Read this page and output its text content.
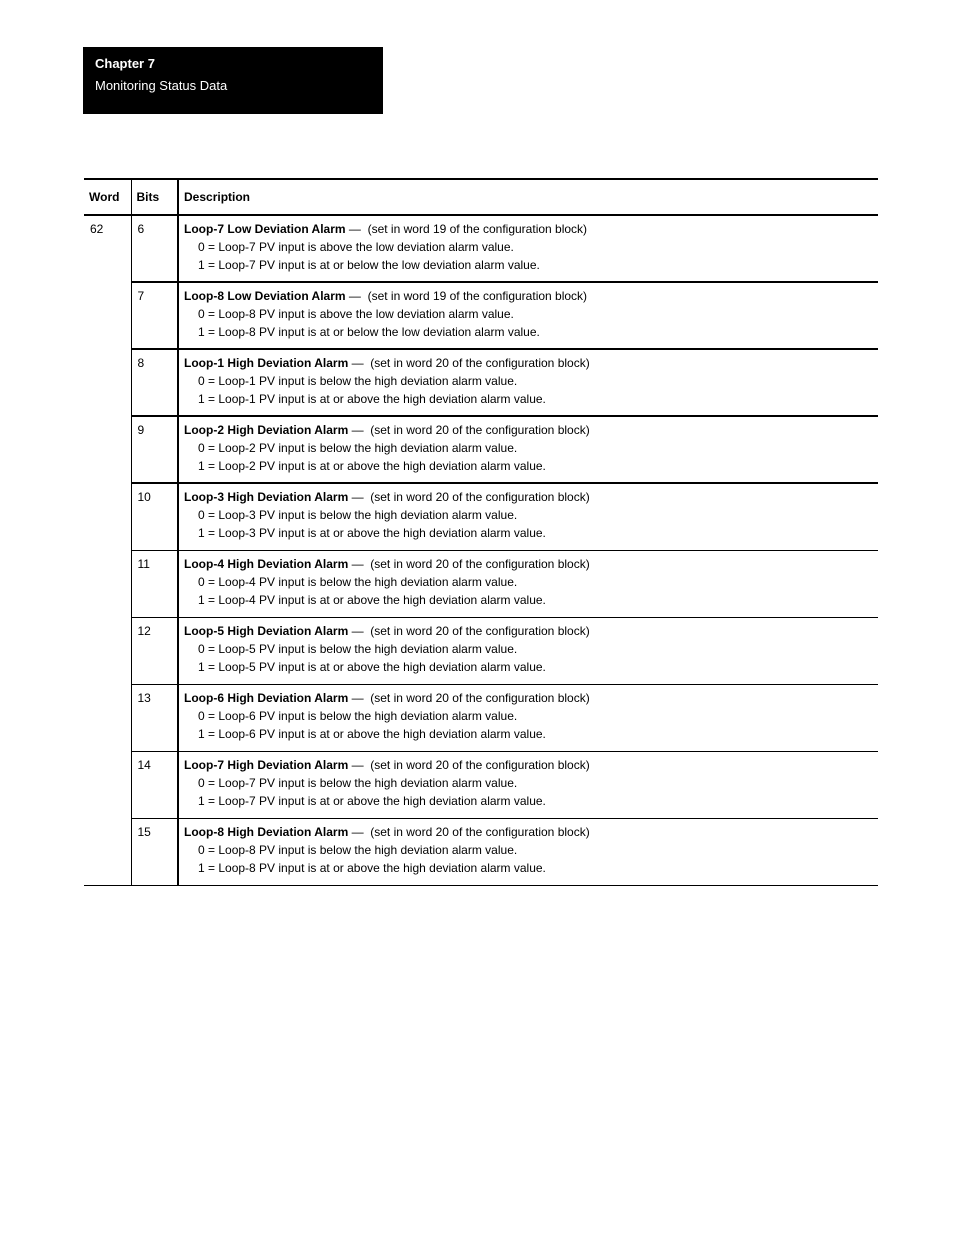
Chapter 7
Monitoring Status Data
Word	Bits	Description
62	6	Loop-7 Low Deviation Alarm — (set in word 19 of the configuration block)
0 = Loop-7 PV input is above the low deviation alarm value.
1 = Loop-7 PV input is at or below the low deviation alarm value.

	7	Loop-8 Low Deviation Alarm — (set in word 19 of the configuration block)
0 = Loop-8 PV input is above the low deviation alarm value.
1 = Loop-8 PV input is at or below the low deviation alarm value.

	8	Loop-1 High Deviation Alarm — (set in word 20 of the configuration block)
0 = Loop-1 PV input is below the high deviation alarm value.
1 = Loop-1 PV input is at or above the high deviation alarm value.

	9	Loop-2 High Deviation Alarm — (set in word 20 of the configuration block)
0 = Loop-2 PV input is below the high deviation alarm value.
1 = Loop-2 PV input is at or above the high deviation alarm value.

	10	Loop-3 High Deviation Alarm — (set in word 20 of the configuration block)
0 = Loop-3 PV input is below the high deviation alarm value.
1 = Loop-3 PV input is at or above the high deviation alarm value.

	11	Loop-4 High Deviation Alarm — (set in word 20 of the configuration block)
0 = Loop-4 PV input is below the high deviation alarm value.
1 = Loop-4 PV input is at or above the high deviation alarm value.

	12	Loop-5 High Deviation Alarm — (set in word 20 of the configuration block)
0 = Loop-5 PV input is below the high deviation alarm value.
1 = Loop-5 PV input is at or above the high deviation alarm value.

	13	Loop-6 High Deviation Alarm — (set in word 20 of the configuration block)
0 = Loop-6 PV input is below the high deviation alarm value.
1 = Loop-6 PV input is at or above the high deviation alarm value.

	14	Loop-7 High Deviation Alarm — (set in word 20 of the configuration block)
0 = Loop-7 PV input is below the high deviation alarm value.
1 = Loop-7 PV input is at or above the high deviation alarm value.

	15	Loop-8 High Deviation Alarm — (set in word 20 of the configuration block)
0 = Loop-8 PV input is below the high deviation alarm value.
1 = Loop-8 PV input is at or above the high deviation alarm value.
